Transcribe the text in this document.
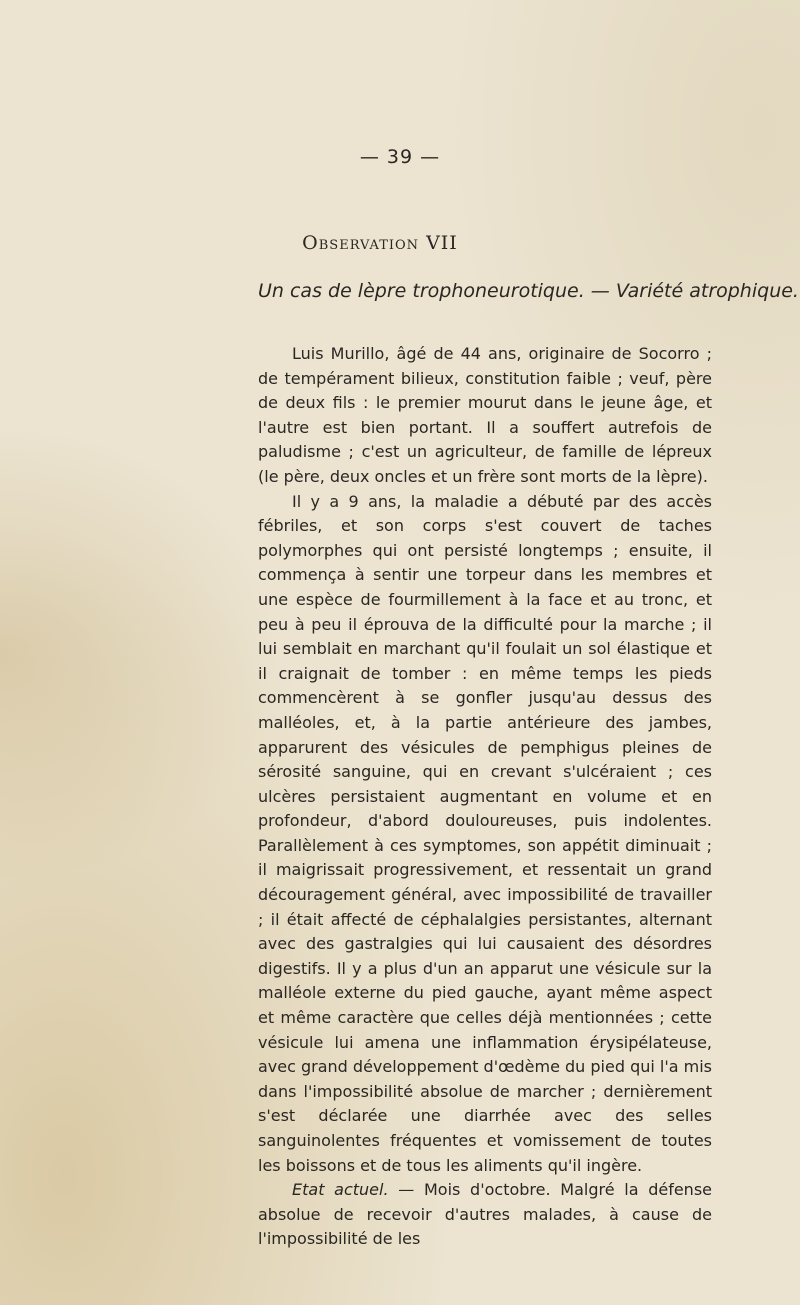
— 39 —
Observation VII
Un cas de lèpre trophoneurotique. — Variété atrophique.

Luis Murillo, âgé de 44 ans, originaire de Socorro ; de tempérament bilieux, constitution faible ; veuf, père de deux fils : le premier mourut dans le jeune âge, et l'autre est bien portant. Il a souffert autrefois de paludisme ; c'est un agriculteur, de famille de lépreux (le père, deux oncles et un frère sont morts de la lèpre).

Il y a 9 ans, la maladie a débuté par des accès fébriles, et son corps s'est couvert de taches polymorphes qui ont persisté longtemps ; ensuite, il commença à sentir une torpeur dans les membres et une espèce de fourmillement à la face et au tronc, et peu à peu il éprouva de la difficulté pour la marche ; il lui semblait en marchant qu'il foulait un sol élastique et il craignait de tomber : en même temps les pieds commencèrent à se gonfler jusqu'au dessus des malléoles, et, à la partie antérieure des jambes, apparurent des vésicules de pemphigus pleines de sérosité sanguine, qui en crevant s'ulcéraient ; ces ulcères persistaient augmentant en volume et en profondeur, d'abord douloureuses, puis indolentes. Parallèlement à ces symptomes, son appétit diminuait ; il maigrissait progressivement, et ressentait un grand découragement général, avec impossibilité de travailler ; il était affecté de céphalalgies persistantes, alternant avec des gastralgies qui lui causaient des désordres digestifs. Il y a plus d'un an apparut une vésicule sur la malléole externe du pied gauche, ayant même aspect et même caractère que celles déjà mentionnées ; cette vésicule lui amena une inflammation érysipélateuse, avec grand développement d'œdème du pied qui l'a mis dans l'impossibilité absolue de marcher ; dernièrement s'est déclarée une diarrhée avec des selles sanguinolentes fréquentes et vomissement de toutes les boissons et de tous les aliments qu'il ingère.

Etat actuel. — Mois d'octobre. Malgré la défense absolue de recevoir d'autres malades, à cause de l'impossibilité de les
